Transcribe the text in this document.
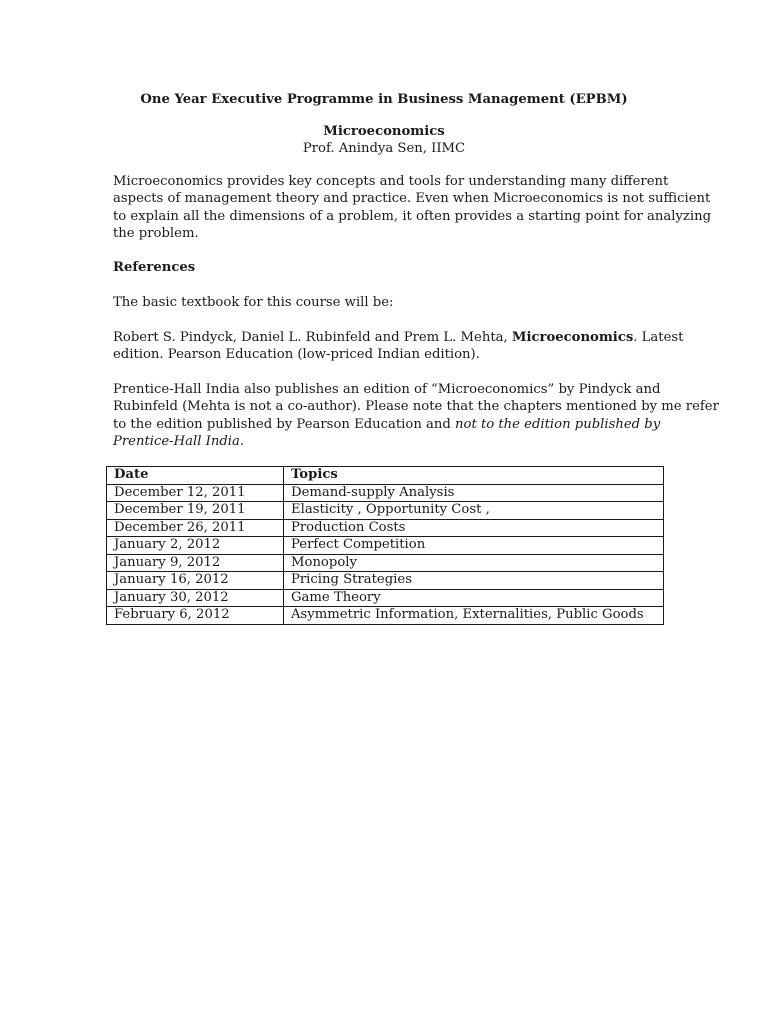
One Year Executive Programme in Business Management (EPBM)
Microeconomics
Prof. Anindya Sen, IIMC
Microeconomics provides key concepts and tools for understanding many different
aspects of management theory and practice. Even when Microeconomics is not sufficient
to explain all the dimensions of a problem, it often provides a starting point for analyzing
the problem.
References
The basic textbook for this course will be:
Robert S. Pindyck, Daniel L. Rubinfeld and Prem L. Mehta, Microeconomics. Latest
edition. Pearson Education (low-priced Indian edition).
Prentice-Hall India also publishes an edition of “Microeconomics” by Pindyck and
Rubinfeld (Mehta is not a co-author). Please note that the chapters mentioned by me refer
to the edition published by Pearson Education and not to the edition published by
Prentice-Hall India.
Date	Topics
December 12, 2011	Demand-supply Analysis
December 19, 2011	Elasticity , Opportunity Cost ,
December 26, 2011	Production Costs
January 2, 2012	Perfect Competition
January 9, 2012	Monopoly
January 16, 2012	Pricing Strategies
January 30, 2012	Game Theory
February 6, 2012	Asymmetric Information, Externalities, Public Goods
